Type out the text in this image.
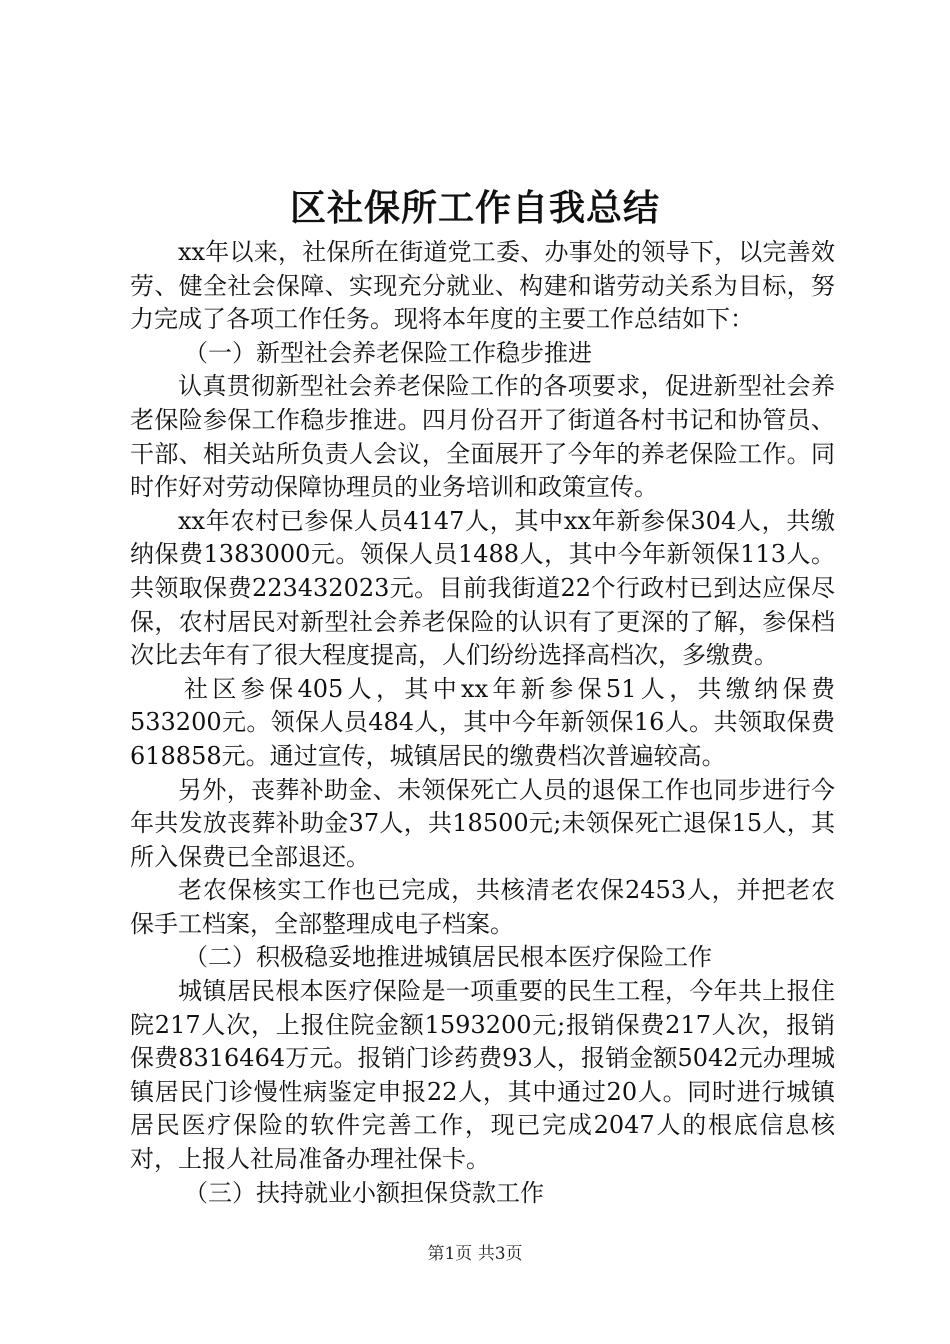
区社保所工作自我总结

xx年以来，社保所在街道党工委、办事处的领导下，以完善效劳、健全社会保障、实现充分就业、构建和谐劳动关系为目标，努力完成了各项工作任务。现将本年度的主要工作总结如下：

（一）新型社会养老保险工作稳步推进

认真贯彻新型社会养老保险工作的各项要求，促进新型社会养老保险参保工作稳步推进。四月份召开了街道各村书记和协管员、干部、相关站所负责人会议，全面展开了今年的养老保险工作。同时作好对劳动保障协理员的业务培训和政策宣传。

xx年农村已参保人员4147人，其中xx年新参保304人，共缴纳保费1383000元。领保人员1488人，其中今年新领保113人。共领取保费223432023元。目前我街道22个行政村已到达应保尽保，农村居民对新型社会养老保险的认识有了更深的了解，参保档次比去年有了很大程度提高，人们纷纷选择高档次，多缴费。

社区参保405人，其中xx年新参保51人，共缴纳保费533200元。领保人员484人，其中今年新领保16人。共领取保费618858元。通过宣传，城镇居民的缴费档次普遍较高。

另外，丧葬补助金、未领保死亡人员的退保工作也同步进行今年共发放丧葬补助金37人，共18500元;未领保死亡退保15人，其所入保费已全部退还。

老农保核实工作也已完成，共核清老农保2453人，并把老农保手工档案，全部整理成电子档案。

（二）积极稳妥地推进城镇居民根本医疗保险工作

城镇居民根本医疗保险是一项重要的民生工程，今年共上报住院217人次，上报住院金额1593200元;报销保费217人次，报销保费8316464万元。报销门诊药费93人，报销金额5042元办理城镇居民门诊慢性病鉴定申报22人，其中通过20人。同时进行城镇居民医疗保险的软件完善工作，现已完成2047人的根底信息核对，上报人社局准备办理社保卡。

（三）扶持就业小额担保贷款工作

第1页 共3页
